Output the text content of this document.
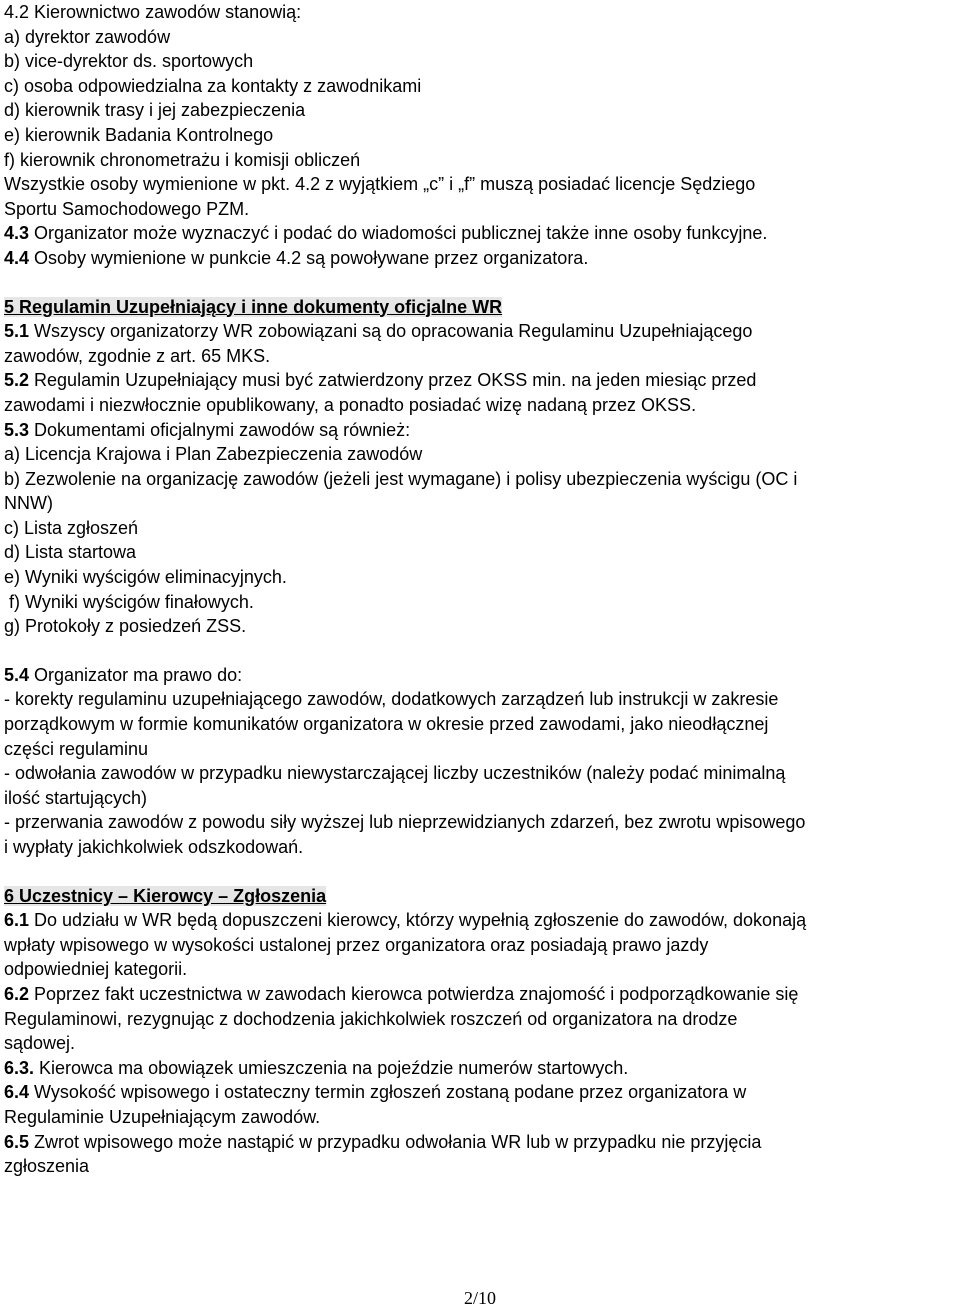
4.2 Kierownictwo zawodów stanowią:
a) dyrektor zawodów
b) vice-dyrektor ds. sportowych
c) osoba odpowiedzialna za kontakty z zawodnikami
d) kierownik trasy i jej zabezpieczenia
e) kierownik Badania Kontrolnego
f) kierownik chronometrażu i komisji obliczeń
Wszystkie osoby wymienione w pkt. 4.2 z wyjątkiem „c” i „f” muszą posiadać licencje Sędziego
Sportu Samochodowego PZM.
4.3 Organizator może wyznaczyć i podać do wiadomości publicznej także inne osoby funkcyjne.
4.4 Osoby wymienione w punkcie 4.2 są powoływane przez organizatora.
5 Regulamin Uzupełniający i inne dokumenty oficjalne WR
5.1 Wszyscy organizatorzy WR zobowiązani są do opracowania Regulaminu Uzupełniającego
zawodów, zgodnie z art. 65 MKS.
5.2 Regulamin Uzupełniający musi być zatwierdzony przez OKSS min. na jeden miesiąc przed
zawodami i niezwłocznie opublikowany, a ponadto posiadać wizę nadaną przez OKSS.
5.3 Dokumentami oficjalnymi zawodów są również:
a) Licencja Krajowa i Plan Zabezpieczenia zawodów
b) Zezwolenie na organizację zawodów (jeżeli jest wymagane) i polisy ubezpieczenia wyścigu (OC i
NNW)
c) Lista zgłoszeń
d) Lista startowa
e) Wyniki wyścigów eliminacyjnych.
f) Wyniki wyścigów finałowych.
g) Protokoły z posiedzeń ZSS.
5.4 Organizator ma prawo do:
- korekty regulaminu uzupełniającego zawodów, dodatkowych zarządzeń lub instrukcji w zakresie
porządkowym w formie komunikatów organizatora w okresie przed zawodami, jako nieodłącznej
części regulaminu
- odwołania zawodów w przypadku niewystarczającej liczby uczestników (należy podać minimalną
ilość startujących)
- przerwania zawodów z powodu siły wyższej lub nieprzewidzianych zdarzeń, bez zwrotu wpisowego
i wypłaty jakichkolwiek odszkodowań.
6 Uczestnicy – Kierowcy – Zgłoszenia
6.1 Do udziału w WR będą dopuszczeni kierowcy, którzy wypełnią zgłoszenie do zawodów, dokonają
wpłaty wpisowego w wysokości ustalonej przez organizatora oraz posiadają prawo jazdy
odpowiedniej kategorii.
6.2 Poprzez fakt uczestnictwa w zawodach kierowca potwierdza znajomość i podporządkowanie się
Regulaminowi, rezygnując z dochodzenia jakichkolwiek roszczeń od organizatora na drodze
sądowej.
6.3. Kierowca ma obowiązek umieszczenia na pojeździe numerów startowych.
6.4 Wysokość wpisowego i ostateczny termin zgłoszeń zostaną podane przez organizatora w
Regulaminie Uzupełniającym zawodów.
6.5 Zwrot wpisowego może nastąpić w przypadku odwołania WR lub w przypadku nie przyjęcia
zgłoszenia
2/10
